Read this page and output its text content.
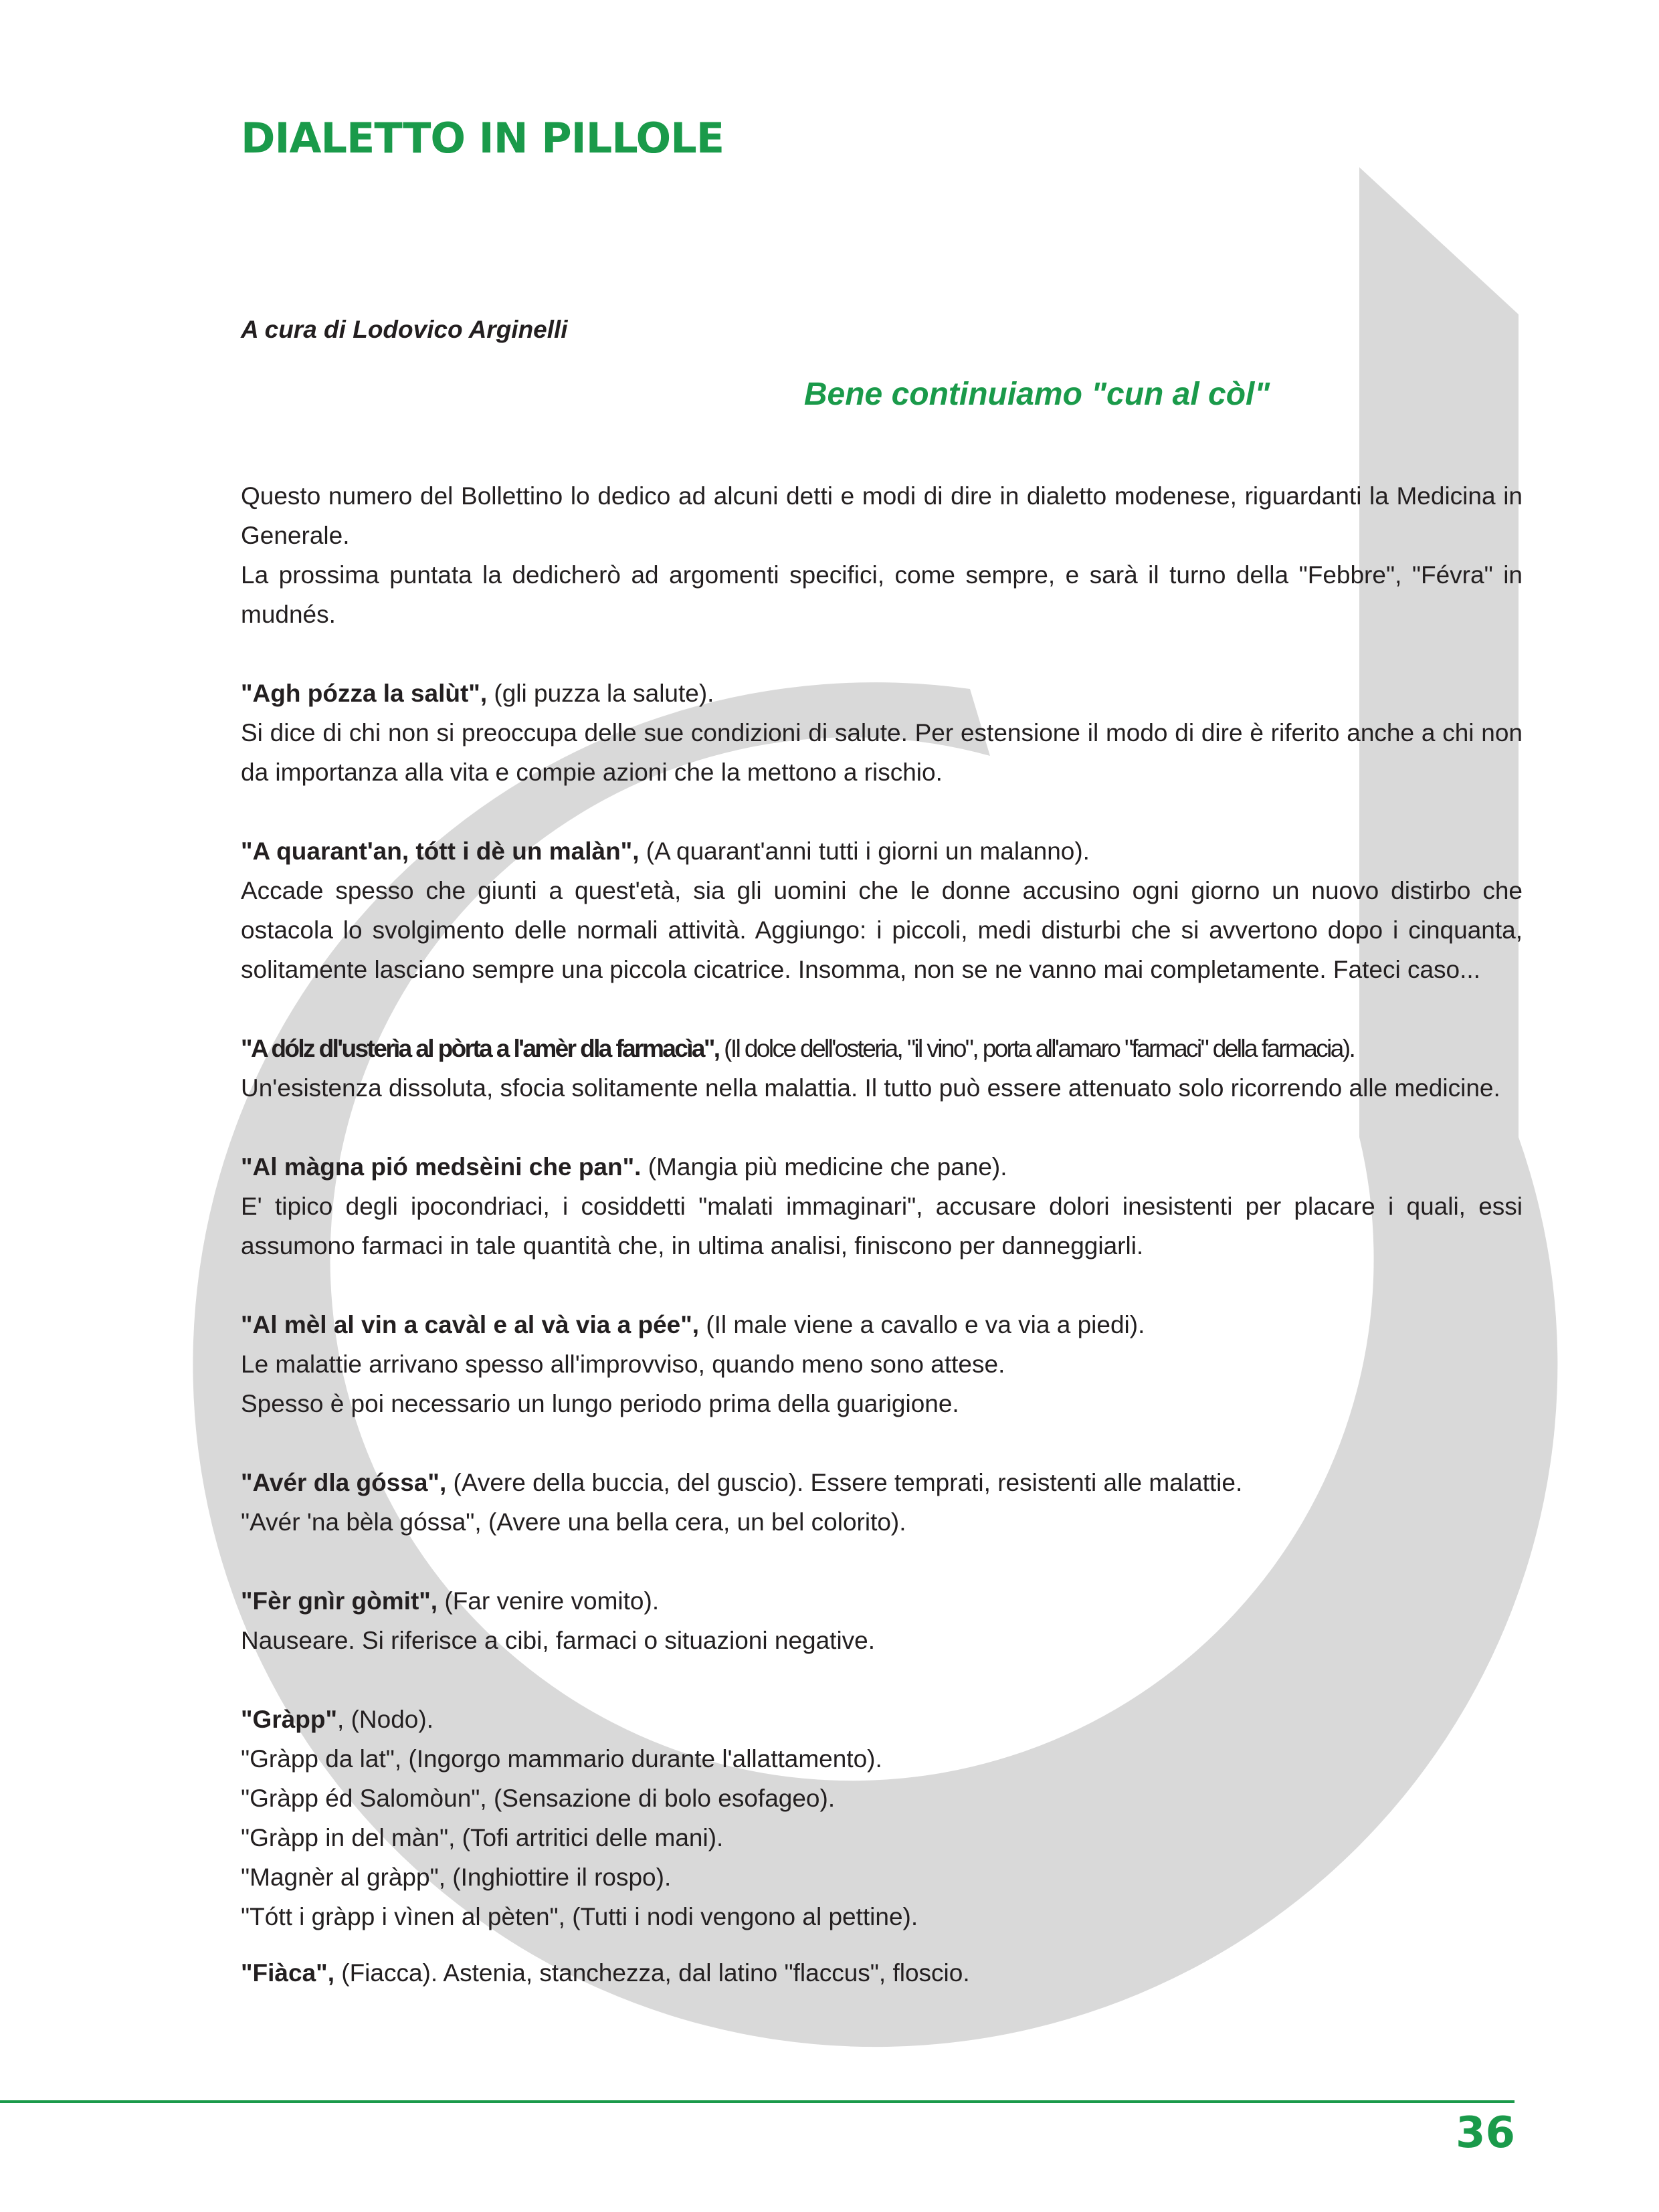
DIALETTO IN PILLOLE
A cura di Lodovico Arginelli
Bene continuiamo "cun al còl"

Questo numero del Bollettino lo dedico ad alcuni detti e modi di dire in dialetto modenese, riguardanti la Medicina in Generale.

La prossima puntata la dedicherò ad argomenti specifici, come sempre, e sarà il turno della "Febbre", "Févra" in mudnés.

"Agh pózza la salùt", (gli puzza la salute).

Si dice di chi non si preoccupa delle sue condizioni di salute. Per estensione il modo di dire è riferito anche a chi non da importanza alla vita e compie azioni che la mettono a rischio.

"A quarant'an, tótt i dè un malàn", (A quarant'anni tutti i giorni un malanno).

Accade spesso che giunti a quest'età, sia gli uomini che le donne accusino ogni giorno un nuovo distirbo che ostacola lo svolgimento delle normali attività. Aggiungo: i piccoli, medi disturbi che si avvertono dopo i cinquanta, solitamente lasciano sempre una piccola cicatrice. Insomma, non se ne vanno mai completamente. Fateci caso...

"A dólz dl'usterìa al pòrta a l'amèr dla farmacìa", (Il dolce dell'osteria, "il vino", porta all'amaro "farmaci" della farmacia).

Un'esistenza dissoluta, sfocia solitamente nella malattia. Il tutto può essere attenuato solo ricorrendo alle medicine.

"Al màgna pió medsèini che pan". (Mangia più medicine che pane).

E' tipico degli ipocondriaci, i cosiddetti "malati immaginari", accusare dolori inesistenti per placare i quali, essi assumono farmaci in tale quantità che, in ultima analisi, finiscono per danneggiarli.

"Al mèl al vin a cavàl e al và via a pée", (Il male viene a cavallo e va via a piedi).

Le malattie arrivano spesso all'improvviso, quando meno sono attese.

Spesso è poi necessario un lungo periodo prima della guarigione.

"Avér dla góssa", (Avere della buccia, del guscio). Essere temprati, resistenti alle malattie.

"Avér 'na bèla góssa", (Avere una bella cera, un bel colorito).

"Fèr gnìr gòmit", (Far venire vomito).

Nauseare. Si riferisce a cibi, farmaci o situazioni negative.

"Gràpp", (Nodo).

"Gràpp da lat", (Ingorgo mammario durante l'allattamento).

"Gràpp éd Salomòun", (Sensazione di bolo esofageo).

"Gràpp in del màn", (Tofi artritici delle mani).

"Magnèr al gràpp", (Inghiottire il rospo).

"Tótt i gràpp i vìnen al pèten", (Tutti i nodi vengono al pettine).

"Fiàca", (Fiacca). Astenia, stanchezza, dal latino "flaccus", floscio.

36
